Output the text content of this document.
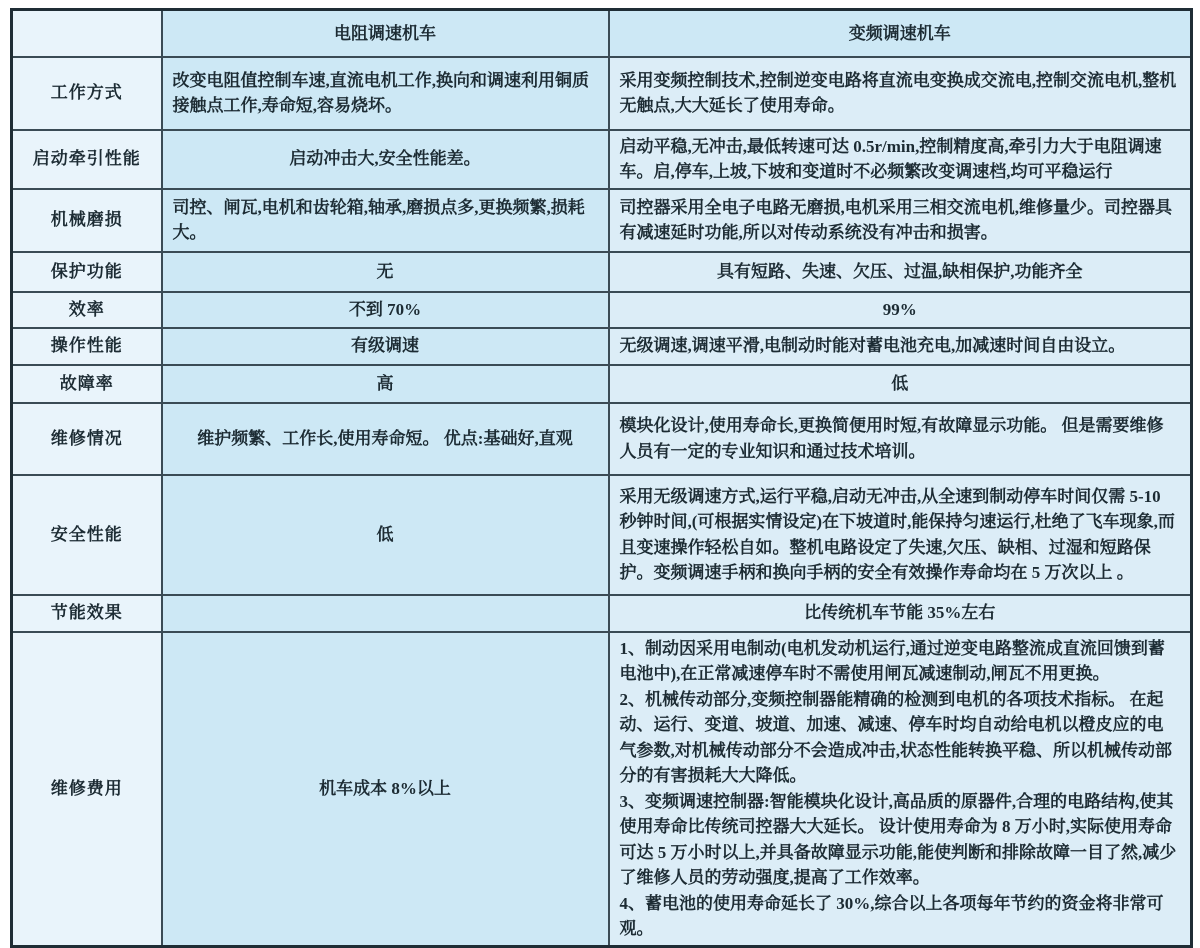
	电阻调速机车	变频调速机车
工作方式	改变电阻值控制车速,直流电机工作,换向和调速利用铜质接触点工作,寿命短,容易烧坏。	采用变频控制技术,控制逆变电路将直流电变换成交流电,控制交流电机,整机无触点,大大延长了使用寿命。
启动牵引性能	启动冲击大,安全性能差。	启动平稳,无冲击,最低转速可达 0.5r/min,控制精度高,牵引力大于电阻调速车。启,停车,上坡,下坡和变道时不必频繁改变调速档,均可平稳运行
机械磨损	司控、闸瓦,电机和齿轮箱,轴承,磨损点多,更换频繁,损耗大。	司控器采用全电子电路无磨损,电机采用三相交流电机,维修量少。司控器具有减速延时功能,所以对传动系统没有冲击和损害。
保护功能	无	具有短路、失速、欠压、过温,缺相保护,功能齐全
效率	不到 70%	99%
操作性能	有级调速	无级调速,调速平滑,电制动时能对蓄电池充电,加减速时间自由设立。
故障率	高	低
维修情况	维护频繁、工作长,使用寿命短。 优点:基础好,直观	模块化设计,使用寿命长,更换简便用时短,有故障显示功能。 但是需要维修人员有一定的专业知识和通过技术培训。
安全性能	低	采用无级调速方式,运行平稳,启动无冲击,从全速到制动停车时间仅需 5-10 秒钟时间,(可根据实情设定)在下坡道时,能保持匀速运行,杜绝了飞车现象,而且变速操作轻松自如。整机电路设定了失速,欠压、缺相、过湿和短路保护。变频调速手柄和换向手柄的安全有效操作寿命均在 5 万次以上 。
节能效果		比传统机车节能 35%左右
维修费用	机车成本 8%以上	1、制动因采用电制动(电机发动机运行,通过逆变电路整流成直流回馈到蓄电池中),在正常减速停车时不需使用闸瓦减速制动,闸瓦不用更换。

2、机械传动部分,变频控制器能精确的检测到电机的各项技术指标。 在起动、运行、变道、坡道、加速、减速、停车时均自动给电机以橙皮应的电气参数,对机械传动部分不会造成冲击,状态性能转换平稳、所以机械传动部分的有害损耗大大降低。

3、变频调速控制器:智能模块化设计,高品质的原器件,合理的电路结构,使其使用寿命比传统司控器大大延长。 设计使用寿命为 8 万小时,实际使用寿命可达 5 万小时以上,并具备故障显示功能,能使判断和排除故障一目了然,减少了维修人员的劳动强度,提高了工作效率。

4、蓄电池的使用寿命延长了 30%,综合以上各项每年节约的资金将非常可观。
